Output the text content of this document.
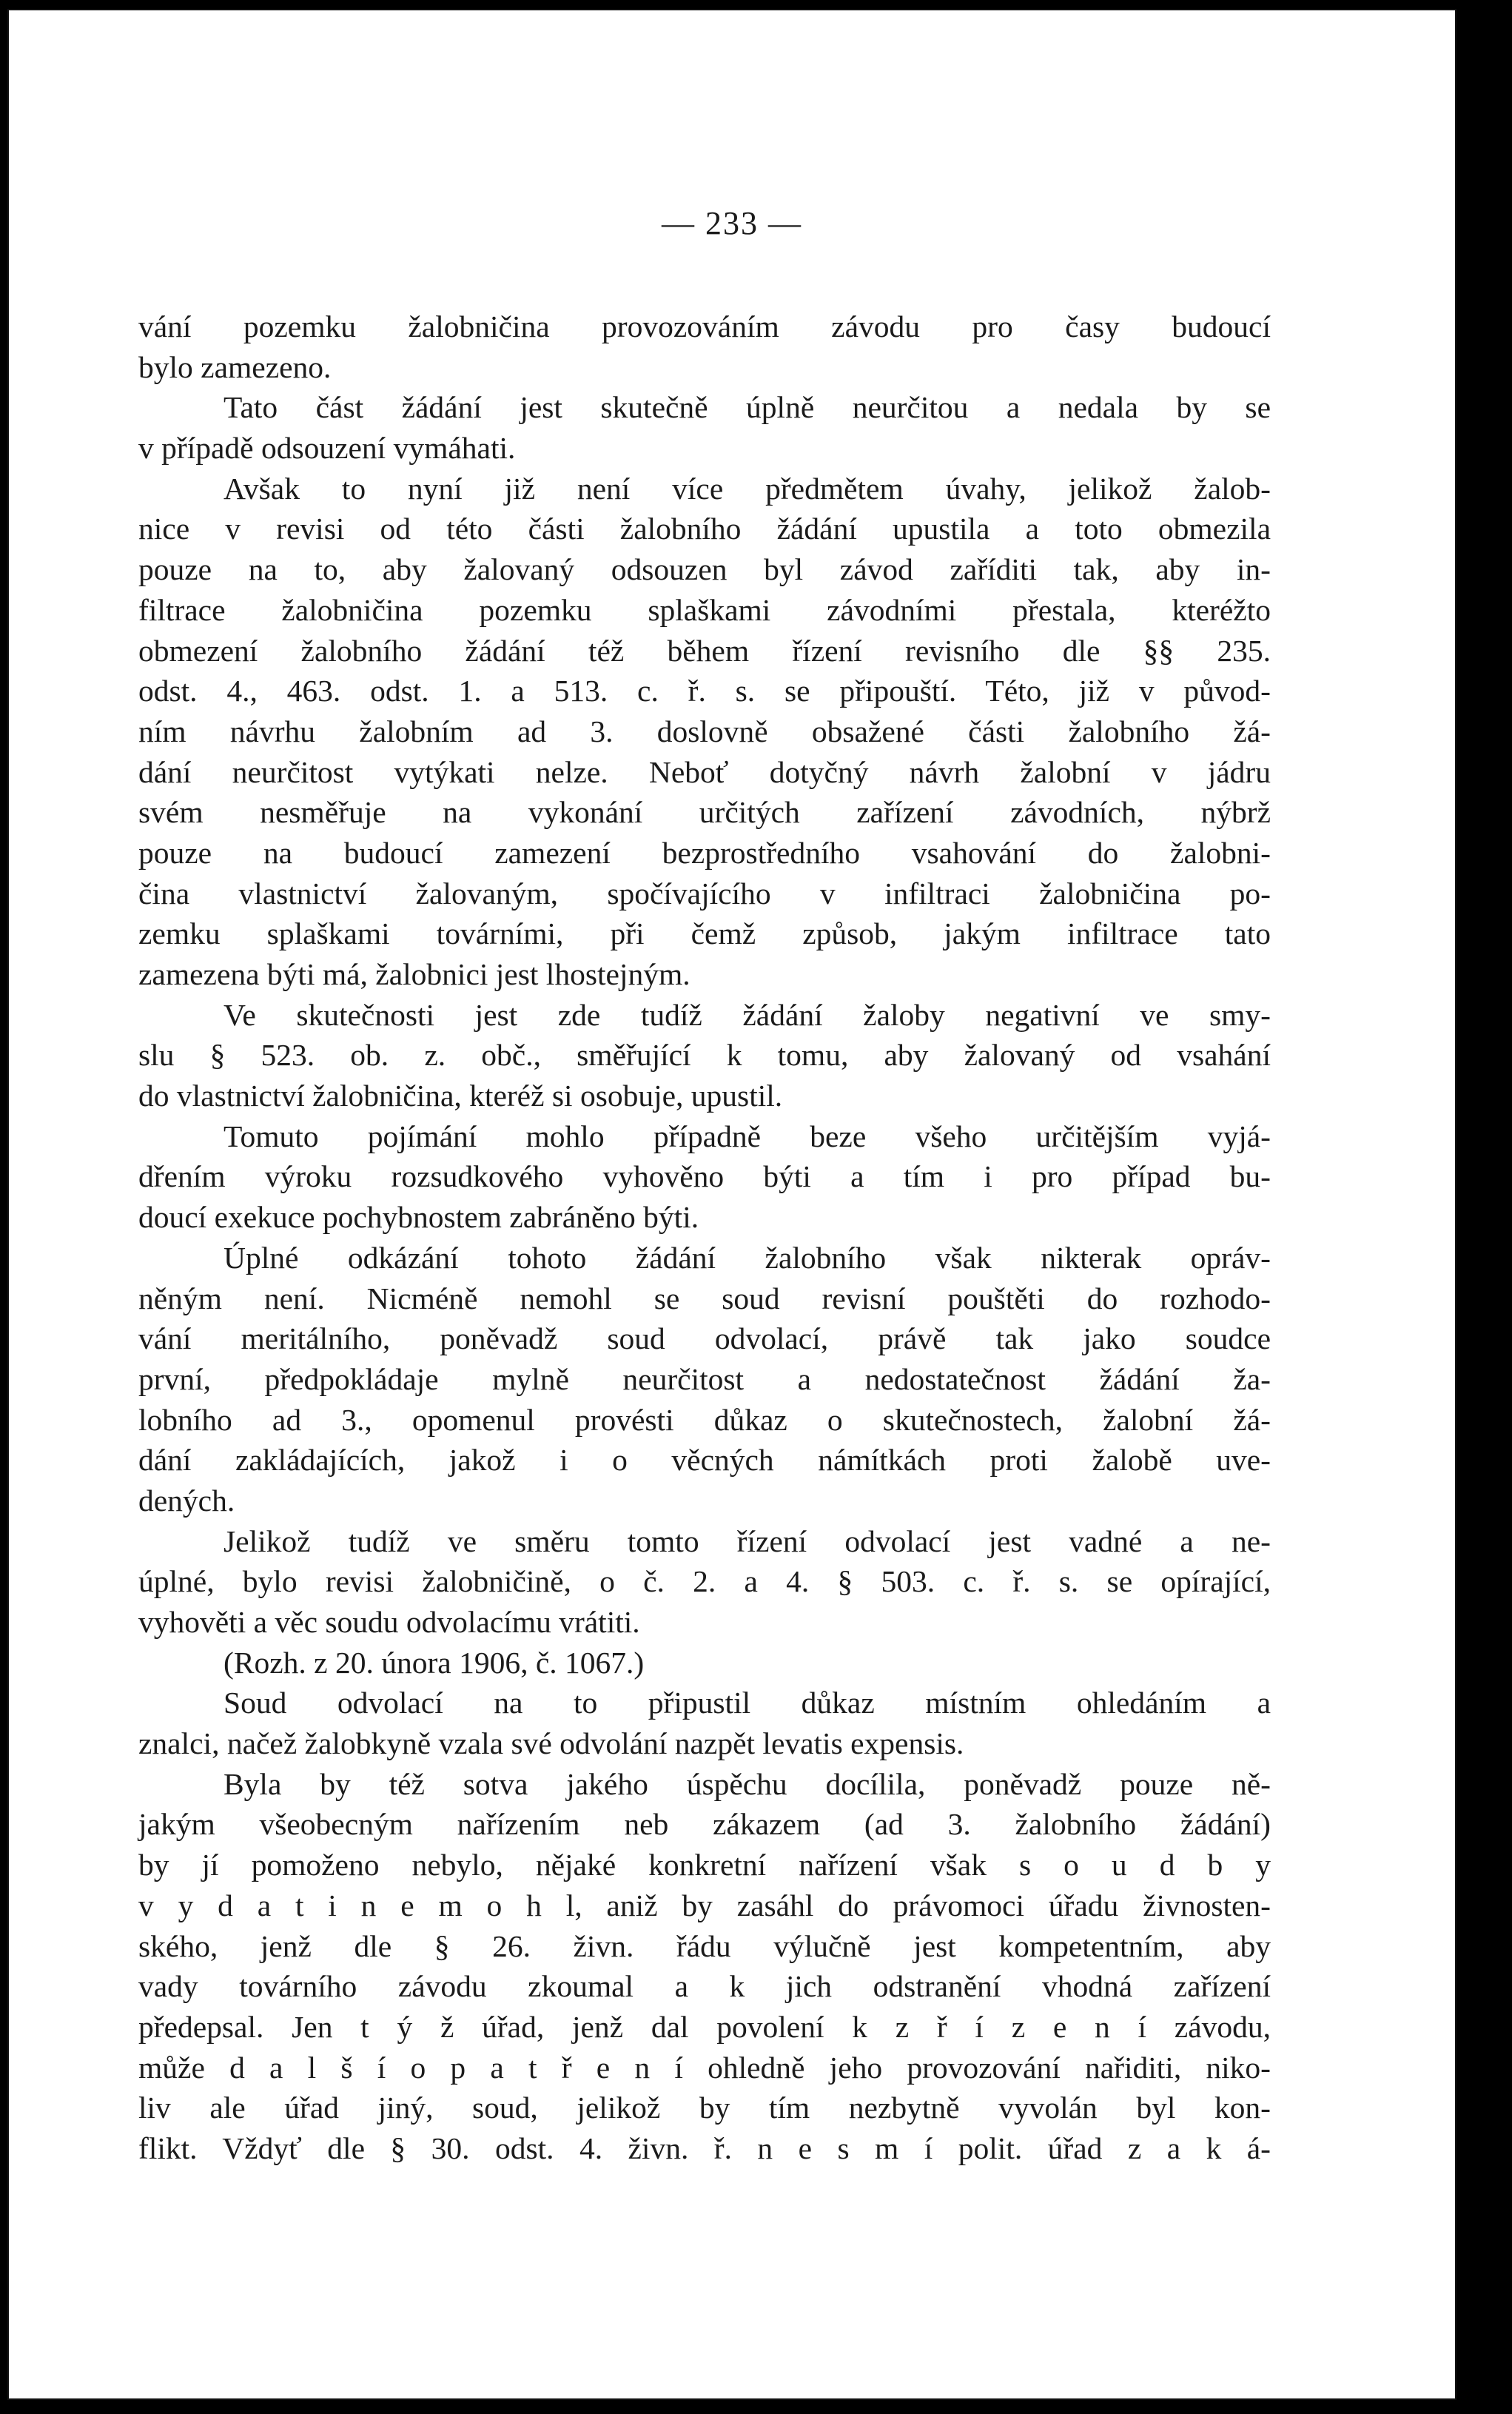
— 233 —
vání pozemku žalobničina provozováním závodu pro časy budoucí
bylo zamezeno.
Tato část žádání jest skutečně úplně neurčitou a nedala by se
v případě odsouzení vymáhati.
Avšak to nyní již není více předmětem úvahy, jelikož žalob-
nice v revisi od této části žalobního žádání upustila a toto obmezila
pouze na to, aby žalovaný odsouzen byl závod zaříditi tak, aby in-
filtrace žalobničina pozemku splaškami závodními přestala, kteréžto
obmezení žalobního žádání též během řízení revisního dle §§ 235.
odst. 4., 463. odst. 1. a 513. c. ř. s. se připouští. Této, již v původ-
ním návrhu žalobním ad 3. doslovně obsažené části žalobního žá-
dání neurčitost vytýkati nelze. Neboť dotyčný návrh žalobní v jádru
svém nesměřuje na vykonání určitých zařízení závodních, nýbrž
pouze na budoucí zamezení bezprostředního vsahování do žalobni-
čina vlastnictví žalovaným, spočívajícího v infiltraci žalobničina po-
zemku splaškami továrními, při čemž způsob, jakým infiltrace tato
zamezena býti má, žalobnici jest lhostejným.
Ve skutečnosti jest zde tudíž žádání žaloby negativní ve smy-
slu § 523. ob. z. obč., směřující k tomu, aby žalovaný od vsahání
do vlastnictví žalobničina, kteréž si osobuje, upustil.
Tomuto pojímání mohlo případně beze všeho určitějším vyjá-
dřením výroku rozsudkového vyhověno býti a tím i pro případ bu-
doucí exekuce pochybnostem zabráněno býti.
Úplné odkázání tohoto žádání žalobního však nikterak opráv-
něným není. Nicméně nemohl se soud revisní pouštěti do rozhodo-
vání meritálního, poněvadž soud odvolací, právě tak jako soudce
první, předpokládaje mylně neurčitost a nedostatečnost žádání ža-
lobního ad 3., opomenul provésti důkaz o skutečnostech, žalobní žá-
dání zakládajících, jakož i o věcných námítkách proti žalobě uve-
dených.
Jelikož tudíž ve směru tomto řízení odvolací jest vadné a ne-
úplné, bylo revisi žalobničině, o č. 2. a 4. § 503. c. ř. s. se opírající,
vyhověti a věc soudu odvolacímu vrátiti.
(Rozh. z 20. února 1906, č. 1067.)
Soud odvolací na to připustil důkaz místním ohledáním a
znalci, načež žalobkyně vzala své odvolání nazpět levatis expensis.
Byla by též sotva jakého úspěchu docílila, poněvadž pouze ně-
jakým všeobecným nařízením neb zákazem (ad 3. žalobního žádání)
by jí pomoženo nebylo, nějaké konkretní nařízení však s o u d b y
v y d a t i n e m o h l, aniž by zasáhl do právomoci úřadu živnosten-
ského, jenž dle § 26. živn. řádu výlučně jest kompetentním, aby
vady továrního závodu zkoumal a k jich odstranění vhodná zařízení
předepsal. Jen t ý ž úřad, jenž dal povolení k z ř í z e n í závodu,
může d a l š í o p a t ř e n í ohledně jeho provozování nařiditi, niko-
liv ale úřad jiný, soud, jelikož by tím nezbytně vyvolán byl kon-
flikt. Vždyť dle § 30. odst. 4. živn. ř. n e s m í polit. úřad z a k á-
